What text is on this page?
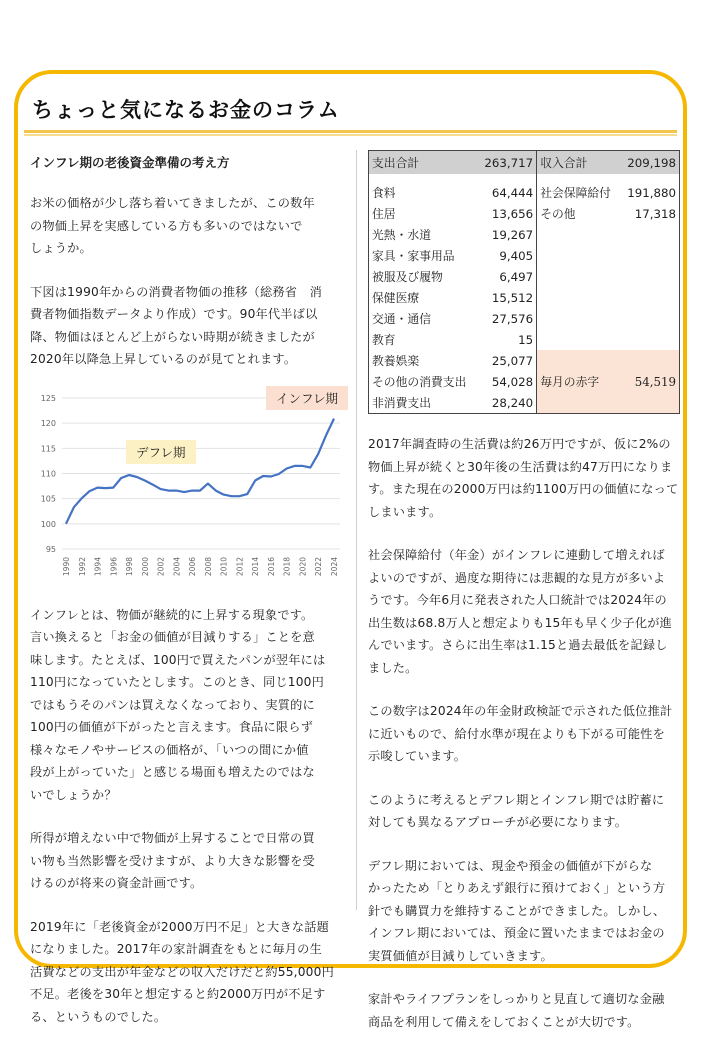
ちょっと気になるお金のコラム
インフレ期の老後資金準備の考え方

お米の価格が少し落ち着いてきましたが、この数年
の物価上昇を実感している方も多いのではないで
しょうか。

下図は1990年からの消費者物価の推移（総務省　消
費者物価指数データより作成）です。90年代半ば以
降、物価はほとんど上がらない時期が続きましたが
2020年以降急上昇しているのが見てとれます。

95
100
105
110
115
120
125
1990 1992 1994 1996 1998 2000 2002 2004 2006 2008 2010 2012 2014 2016 2018 2020 2022 2024
デフレ期
インフレ期

インフレとは、物価が継続的に上昇する現象です。
言い換えると「お金の価値が目減りする」ことを意
味します。たとえば、100円で買えたパンが翌年には
110円になっていたとします。このとき、同じ100円
ではもうそのパンは買えなくなっており、実質的に
100円の価値が下がったと言えます。食品に限らず
様々なモノやサービスの価格が、「いつの間にか値
段が上がっていた」と感じる場面も増えたのではな
いでしょうか？

所得が増えない中で物価が上昇することで日常の買
い物も当然影響を受けますが、より大きな影響を受
けるのが将来の資金計画です。

2019年に「老後資金が2000万円不足」と大きな話題
になりました。2017年の家計調査をもとに毎月の生
活費などの支出が年金などの収入だけだと約55,000円
不足。老後を30年と想定すると約2000万円が不足す
る、というものでした。

支出合計	263,717	収入合計	209,198

食料	64,444	社会保障給付	191,880
住居	13,656	その他	17,318
光熱・水道	19,267		
家具・家事用品	9,405		
被服及び履物	6,497		
保健医療	15,512		
交通・通信	27,576		
教育	15		
教養娯楽	25,077		
その他の消費支出	54,028	毎月の赤字	54,519
非消費支出	28,240		

2017年調査時の生活費は約26万円ですが、仮に2%の
物価上昇が続くと30年後の生活費は約47万円になりま
す。また現在の2000万円は約1100万円の価値になって
しまいます。

社会保障給付（年金）がインフレに連動して増えれば
よいのですが、過度な期待には悲観的な見方が多いよ
うです。今年6月に発表された人口統計では2024年の
出生数は68.8万人と想定よりも15年も早く少子化が進
んでいます。さらに出生率は1.15と過去最低を記録し
ました。

この数字は2024年の年金財政検証で示された低位推計
に近いもので、給付水準が現在よりも下がる可能性を
示唆しています。

このように考えるとデフレ期とインフレ期では貯蓄に
対しても異なるアプローチが必要になります。

デフレ期においては、現金や預金の価値が下がらな
かったため「とりあえず銀行に預けておく」という方
針でも購買力を維持することができました。しかし、
インフレ期においては、預金に置いたままではお金の
実質価値が目減りしていきます。

家計やライフプランをしっかりと見直して適切な金融
商品を利用して備えをしておくことが大切です。
